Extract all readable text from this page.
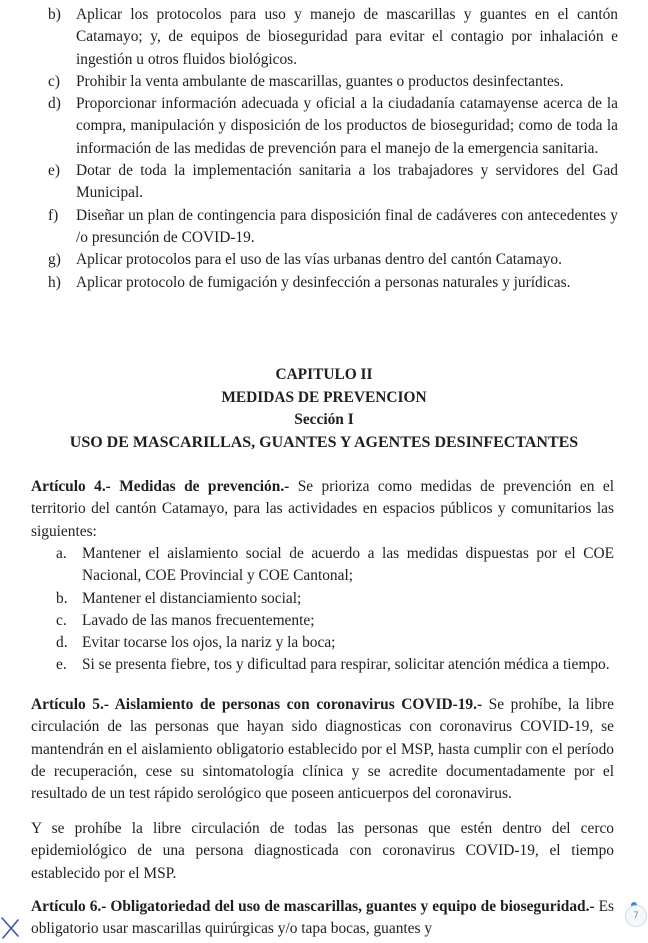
b) Aplicar los protocolos para uso y manejo de mascarillas y guantes en el cantón Catamayo; y, de equipos de bioseguridad para evitar el contagio por inhalación e ingestión u otros fluidos biológicos.
c)	Prohibir la venta ambulante de mascarillas, guantes o productos desinfectantes.
d) Proporcionar información adecuada y oficial a la ciudadanía catamayense acerca de la compra, manipulación y disposición de los productos de bioseguridad; como de toda la información de las medidas de prevención para el manejo de la emergencia sanitaria.
e)	Dotar de toda la implementación sanitaria a los trabajadores y servidores del Gad Municipal.
f)	Diseñar un plan de contingencia para disposición final de cadáveres con antecedentes y /o presunción de COVID-19.
g) Aplicar protocolos para el uso de las vías urbanas dentro del cantón Catamayo.
h) Aplicar protocolo de fumigación y desinfección a personas naturales y jurídicas.
CAPITULO II
MEDIDAS DE PREVENCION
Sección I
USO DE MASCARILLAS, GUANTES Y AGENTES DESINFECTANTES
Artículo 4.- Medidas de prevención.- Se prioriza como medidas de prevención en el territorio del cantón Catamayo, para las actividades en espacios públicos y comunitarios las siguientes:
a. Mantener el aislamiento social de acuerdo a las medidas dispuestas por el COE Nacional, COE Provincial y COE Cantonal;
b. Mantener el distanciamiento social;
c. Lavado de las manos frecuentemente;
d. Evitar tocarse los ojos, la nariz y la boca;
e. Si se presenta fiebre, tos y dificultad para respirar, solicitar atención médica a tiempo.
Artículo 5.- Aislamiento de personas con coronavirus COVID-19.- Se prohíbe, la libre circulación de las personas que hayan sido diagnosticas con coronavirus COVID-19, se mantendrán en el aislamiento obligatorio establecido por el MSP, hasta cumplir con el período de recuperación, cese su sintomatología clínica y se acredite documentadamente por el resultado de un test rápido serológico que poseen anticuerpos del coronavirus.
Y se prohíbe la libre circulación de todas las personas que estén dentro del cerco epidemiológico de una persona diagnosticada con coronavirus COVID-19, el tiempo establecido por el MSP.
Artículo 6.- Obligatoriedad del uso de mascarillas, guantes y equipo de bioseguridad.- Es obligatorio usar mascarillas quirúrgicas y/o tapa bocas, guantes y
7
